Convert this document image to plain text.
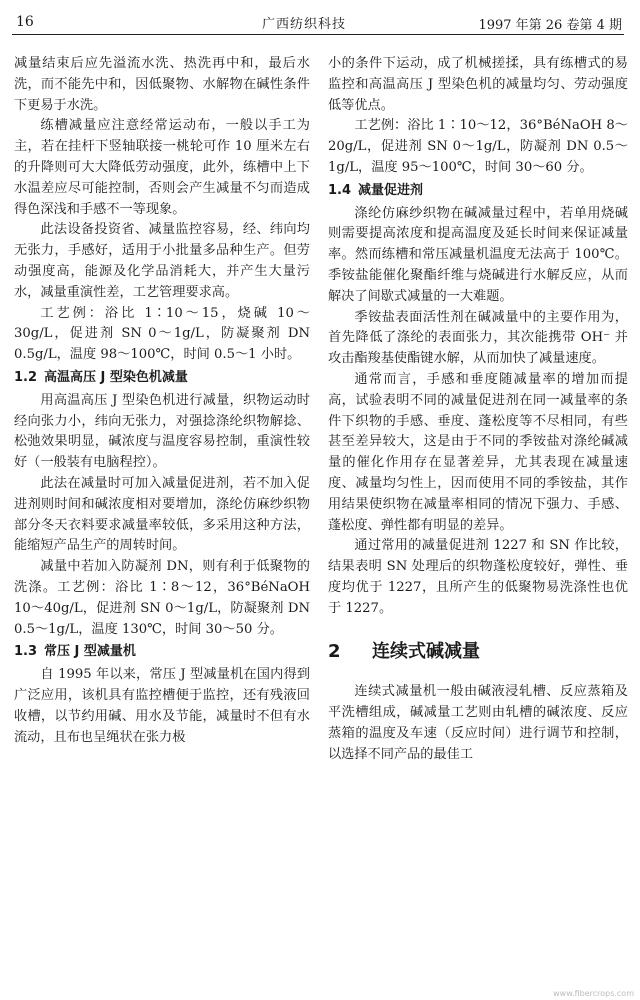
16	广西纺织科技	1997 年第 26 卷第 4 期

减量结束后应先溢流水洗、热洗再中和，最后水洗，而不能先中和，因低聚物、水解物在碱性条件下更易于水洗。

练槽减量应注意经常运动布，一般以手工为主，若在挂杆下竖轴联接一桃轮可作 10 厘米左右的升降则可大大降低劳动强度，此外，练槽中上下水温差应尽可能控制，否则会产生减量不匀而造成得色深浅和手感不一等现象。

此法设备投资省、减量监控容易，经、纬向均无张力，手感好，适用于小批量多品种生产。但劳动强度高，能源及化学品消耗大，并产生大量污水，减量重演性差，工艺管理要求高。

工艺例：浴比 1∶10～15，烧碱 10～30g/L，促进剂 SN 0～1g/L，防凝聚剂 DN 0.5g/L，温度 98～100℃，时间 0.5～1 小时。

1.2 高温高压 J 型染色机减量

用高温高压 J 型染色机进行减量，织物运动时经向张力小，纬向无张力，对强捻涤纶织物解捻、松弛效果明显，碱浓度与温度容易控制，重演性较好（一般装有电脑程控）。

此法在减量时可加入减量促进剂，若不加入促进剂则时间和碱浓度相对要增加，涤纶仿麻纱织物部分冬天衣料要求减量率较低，多采用这种方法，能缩短产品生产的周转时间。

减量中若加入防凝剂 DN，则有利于低聚物的洗涤。工艺例：浴比 1∶8～12，36°BéNaOH 10～40g/L，促进剂 SN 0～1g/L，防凝聚剂 DN 0.5～1g/L，温度 130℃，时间 30～50 分。

1.3 常压 J 型减量机

自 1995 年以来，常压 J 型减量机在国内得到广泛应用，该机具有监控槽便于监控，还有残液回收槽，以节约用碱、用水及节能，减量时不但有水流动，且布也呈绳状在张力极

小的条件下运动，成了机械搓揉，具有练槽式的易监控和高温高压 J 型染色机的减量均匀、劳动强度低等优点。

工艺例：浴比 1∶10～12，36°BéNaOH 8～20g/L，促进剂 SN 0～1g/L，防凝剂 DN 0.5～1g/L，温度 95～100℃，时间 30～60 分。

1.4 减量促进剂

涤纶仿麻纱织物在碱减量过程中，若单用烧碱则需要提高浓度和提高温度及延长时间来保证减量率。然而练槽和常压减量机温度无法高于 100℃。季铵盐能催化聚酯纤维与烧碱进行水解反应，从而解决了间歇式减量的一大难题。

季铵盐表面活性剂在碱减量中的主要作用为，首先降低了涤纶的表面张力，其次能携带 OH⁻ 并攻击酯羧基使酯键水解，从而加快了减量速度。

通常而言，手感和垂度随减量率的增加而提高，试验表明不同的减量促进剂在同一减量率的条件下织物的手感、垂度、蓬松度等不尽相同，有些甚至差异较大，这是由于不同的季铵盐对涤纶碱减量的催化作用存在显著差异，尤其表现在减量速度、减量均匀性上，因而使用不同的季铵盐，其作用结果使织物在减量率相同的情况下强力、手感、蓬松度、弹性都有明显的差异。

通过常用的减量促进剂 1227 和 SN 作比较，结果表明 SN 处理后的织物蓬松度较好，弹性、垂度均优于 1227，且所产生的低聚物易洗涤性也优于 1227。

2 连续式碱减量

连续式减量机一般由碱液浸轧槽、反应蒸箱及平洗槽组成，碱减量工艺则由轧槽的碱浓度、反应蒸箱的温度及车速（反应时间）进行调节和控制，以选择不同产品的最佳工

www.fibercrops.com
